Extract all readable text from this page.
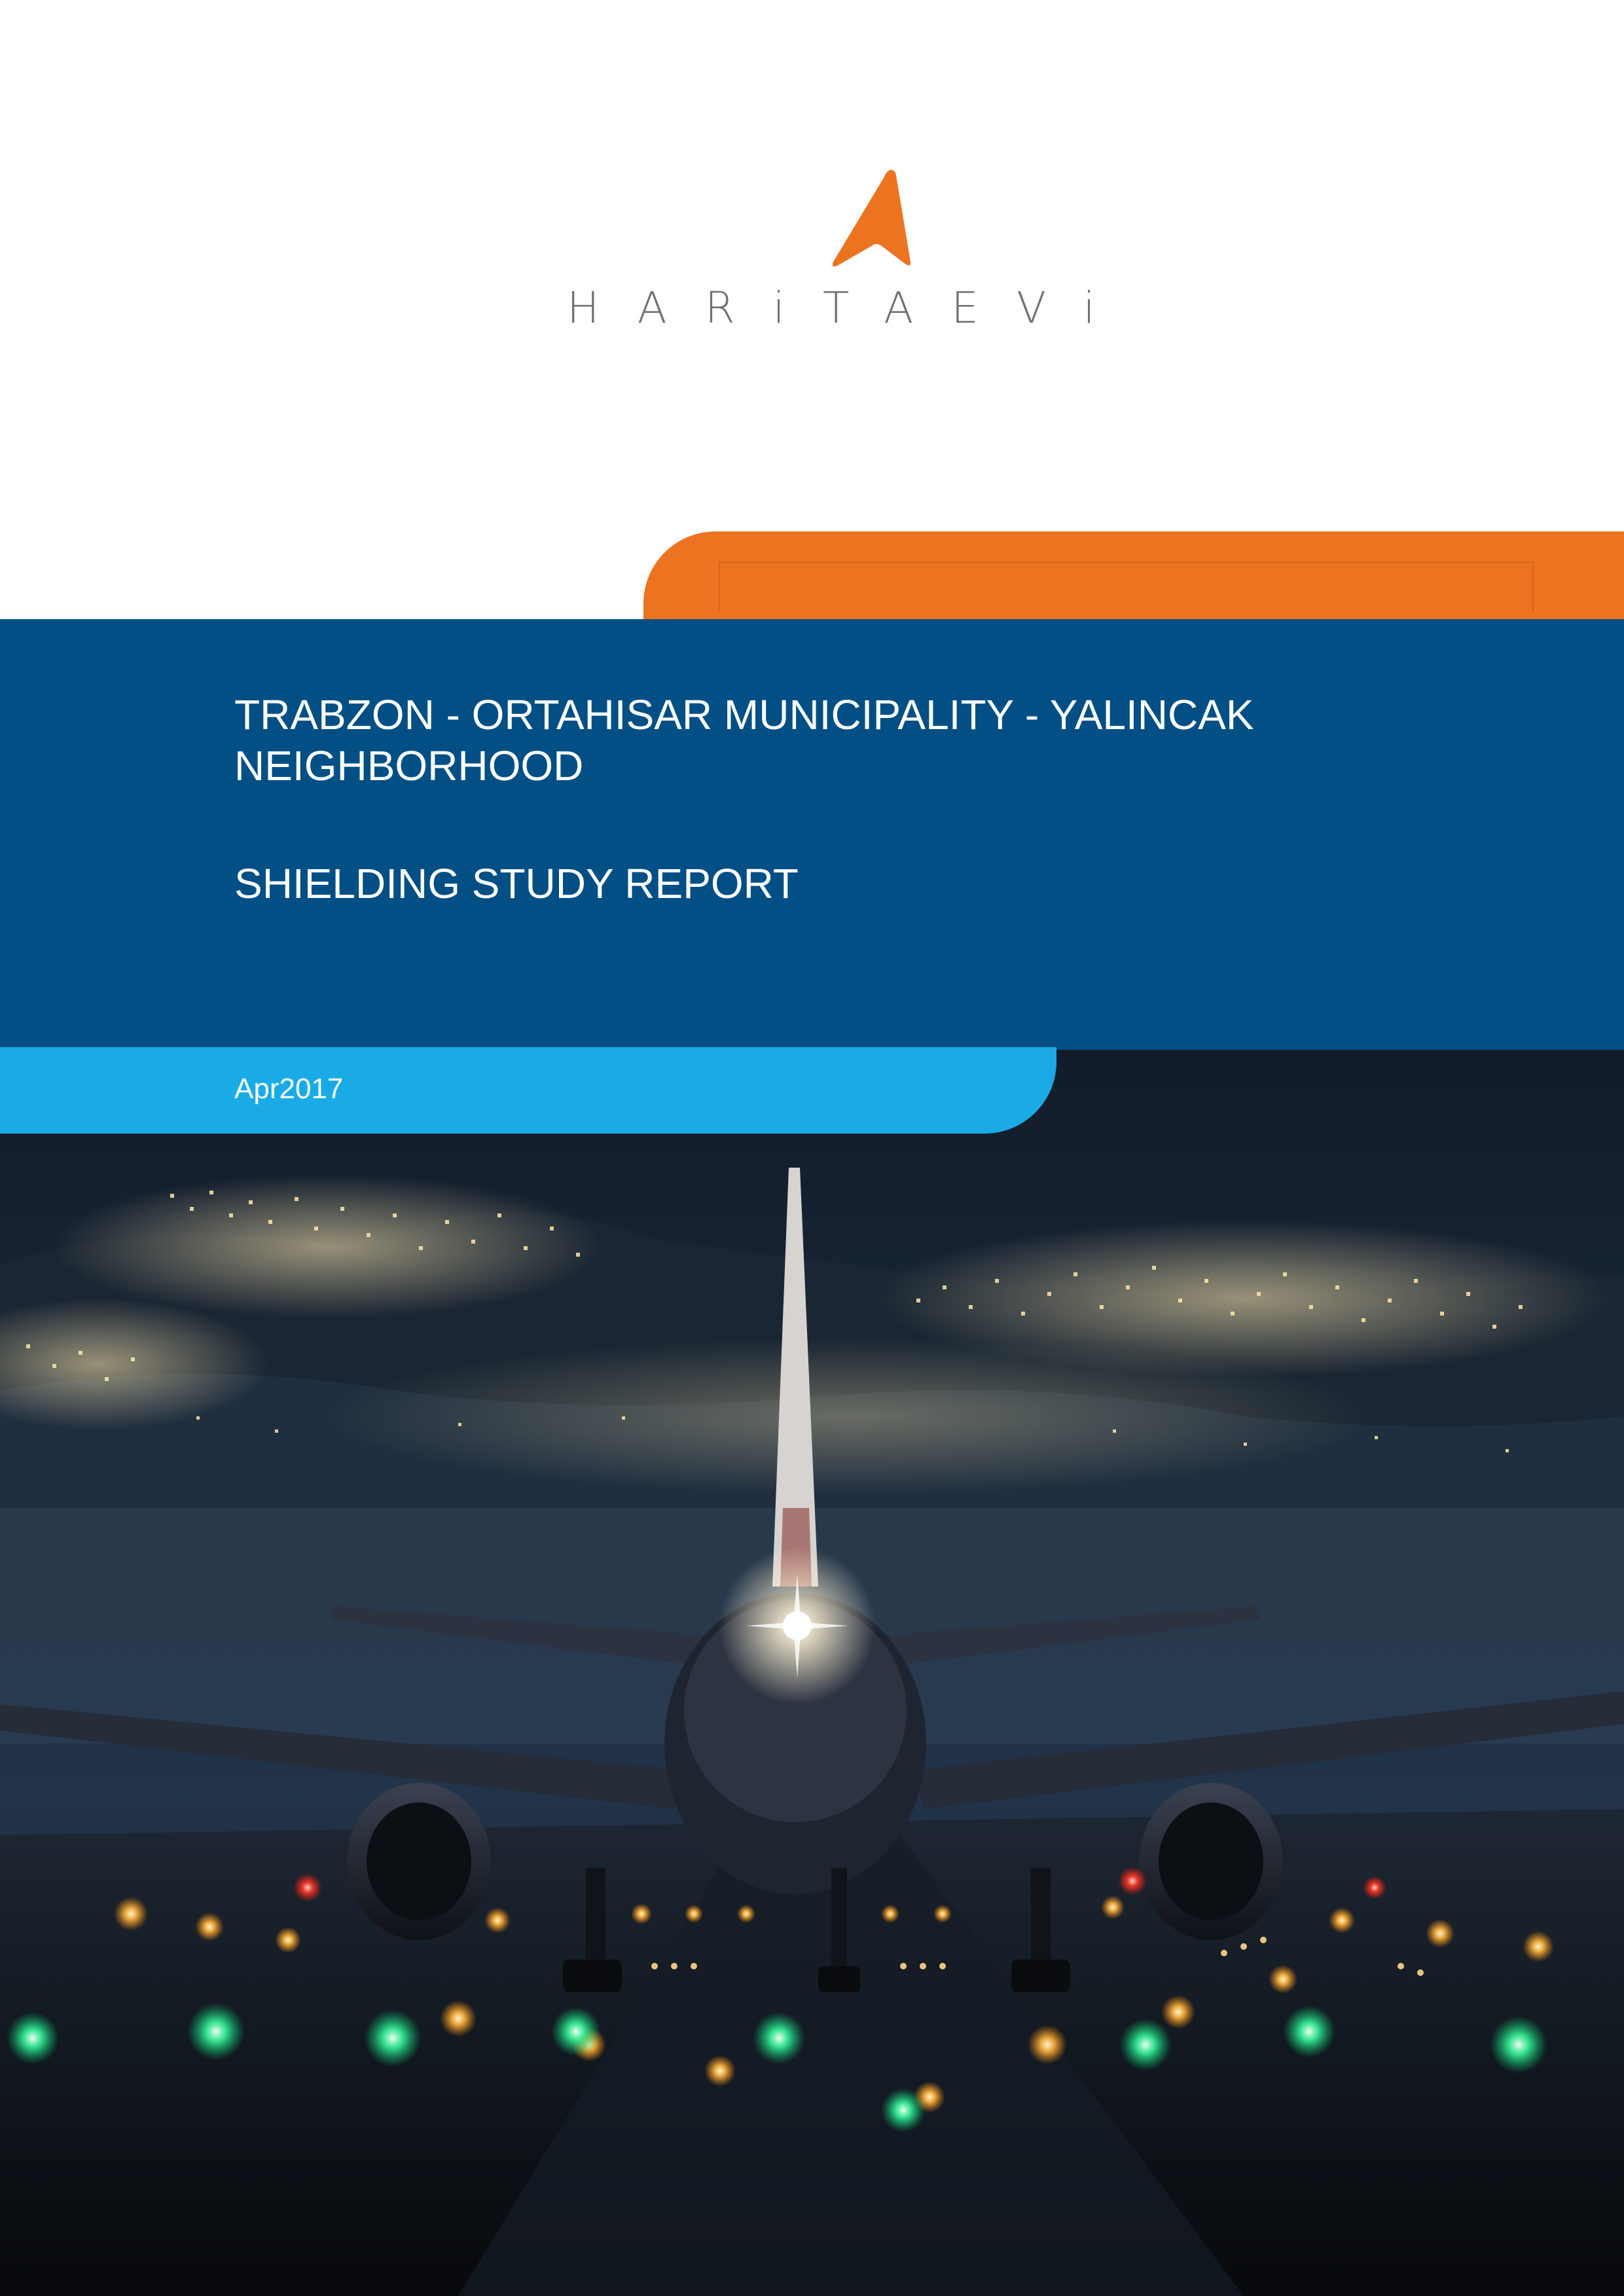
HARiTAEVi
TRABZON - ORTAHISAR MUNICIPALITY - YALINCAK
NEIGHBORHOOD
SHIELDING STUDY REPORT
Apr2017
